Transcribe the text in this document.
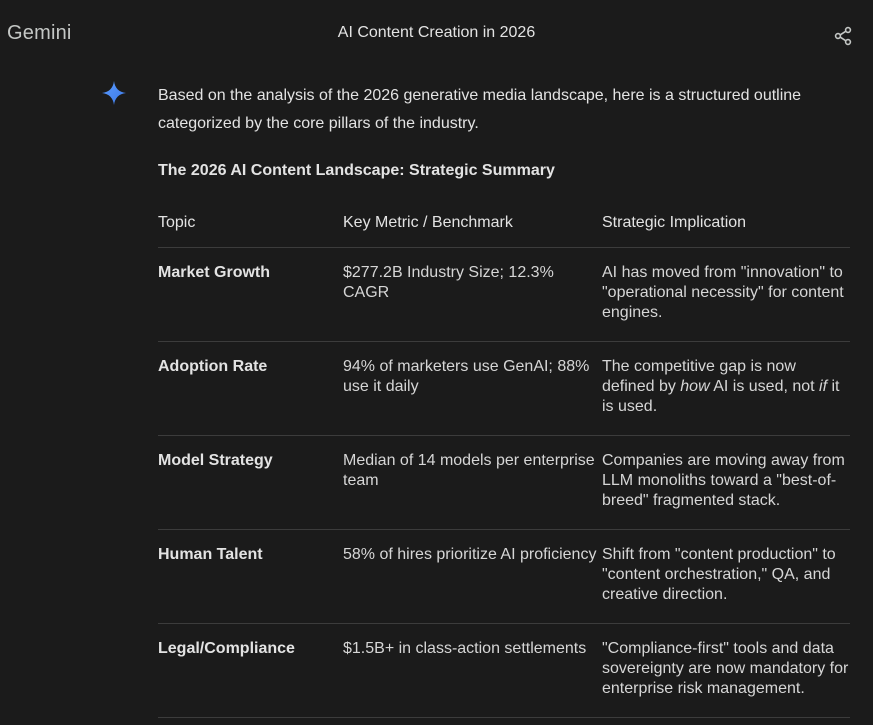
Gemini	AI Content Creation in 2026

Based on the analysis of the 2026 generative media landscape, here is a structured outline categorized by the core pillars of the industry.

The 2026 AI Content Landscape: Strategic Summary
Topic	Key Metric / Benchmark	Strategic Implication
Market Growth	$277.2B Industry Size; 12.3% CAGR	AI has moved from "innovation" to "operational necessity" for content engines.
Adoption Rate	94% of marketers use GenAI; 88% use it daily	The competitive gap is now defined by how AI is used, not if it is used.
Model Strategy	Median of 14 models per enterprise team	Companies are moving away from LLM monoliths toward a "best-of-breed" fragmented stack.
Human Talent	58% of hires prioritize AI proficiency	Shift from "content production" to "content orchestration," QA, and creative direction.
Legal/Compliance	$1.5B+ in class-action settlements	"Compliance-first" tools and data sovereignty are now mandatory for enterprise risk management.
